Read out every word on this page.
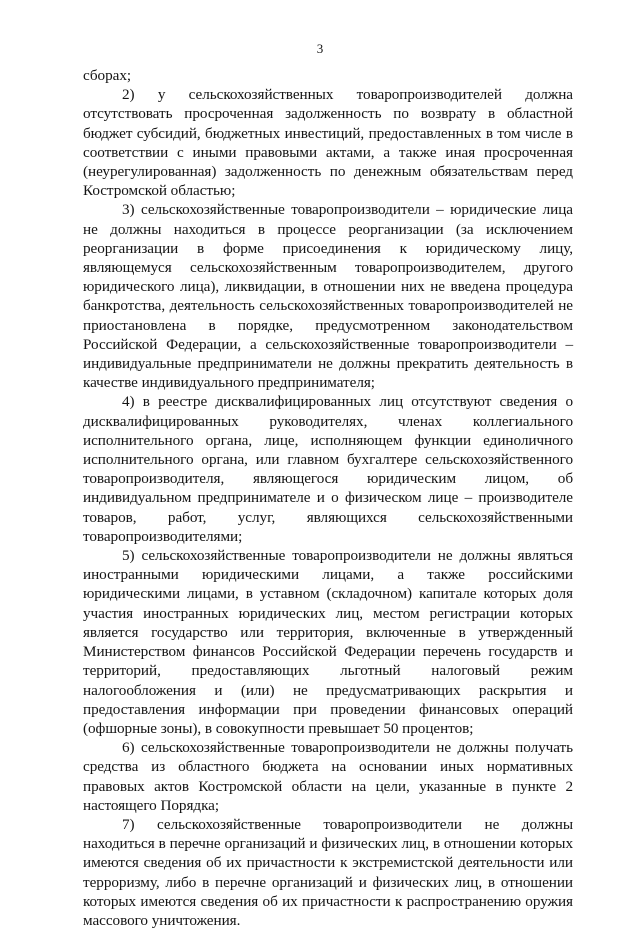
3

сборах;

2) у сельскохозяйственных товаропроизводителей должна отсутствовать просроченная задолженность по возврату в областной бюджет субсидий, бюджетных инвестиций, предоставленных в том числе в соответствии с иными правовыми актами, а также иная просроченная (неурегулированная) задолженность по денежным обязательствам перед Костромской областью;

3) сельскохозяйственные товаропроизводители – юридические лица не должны находиться в процессе реорганизации (за исключением реорганизации в форме присоединения к юридическому лицу, являющемуся сельскохозяйственным товаропроизводителем, другого юридического лица), ликвидации, в отношении них не введена процедура банкротства, деятельность сельскохозяйственных товаропроизводителей не приостановлена в порядке, предусмотренном законодательством Российской Федерации, а сельскохозяйственные товаропроизводители – индивидуальные предприниматели не должны прекратить деятельность в качестве индивидуального предпринимателя;

4) в реестре дисквалифицированных лиц отсутствуют сведения о дисквалифицированных руководителях, членах коллегиального исполнительного органа, лице, исполняющем функции единоличного исполнительного органа, или главном бухгалтере сельскохозяйственного товаропроизводителя, являющегося юридическим лицом, об индивидуальном предпринимателе и о физическом лице – производителе товаров, работ, услуг, являющихся сельскохозяйственными товаропроизводителями;

5) сельскохозяйственные товаропроизводители не должны являться иностранными юридическими лицами, а также российскими юридическими лицами, в уставном (складочном) капитале которых доля участия иностранных юридических лиц, местом регистрации которых является государство или территория, включенные в утвержденный Министерством финансов Российской Федерации перечень государств и территорий, предоставляющих льготный налоговый режим налогообложения и (или) не предусматривающих раскрытия и предоставления информации при проведении финансовых операций (офшорные зоны), в совокупности превышает 50 процентов;

6) сельскохозяйственные товаропроизводители не должны получать средства из областного бюджета на основании иных нормативных правовых актов Костромской области на цели, указанные в пункте 2 настоящего Порядка;

7) сельскохозяйственные товаропроизводители не должны находиться в перечне организаций и физических лиц, в отношении которых имеются сведения об их причастности к экстремистской деятельности или терроризму, либо в перечне организаций и физических лиц, в отношении которых имеются сведения об их причастности к распространению оружия массового уничтожения.
